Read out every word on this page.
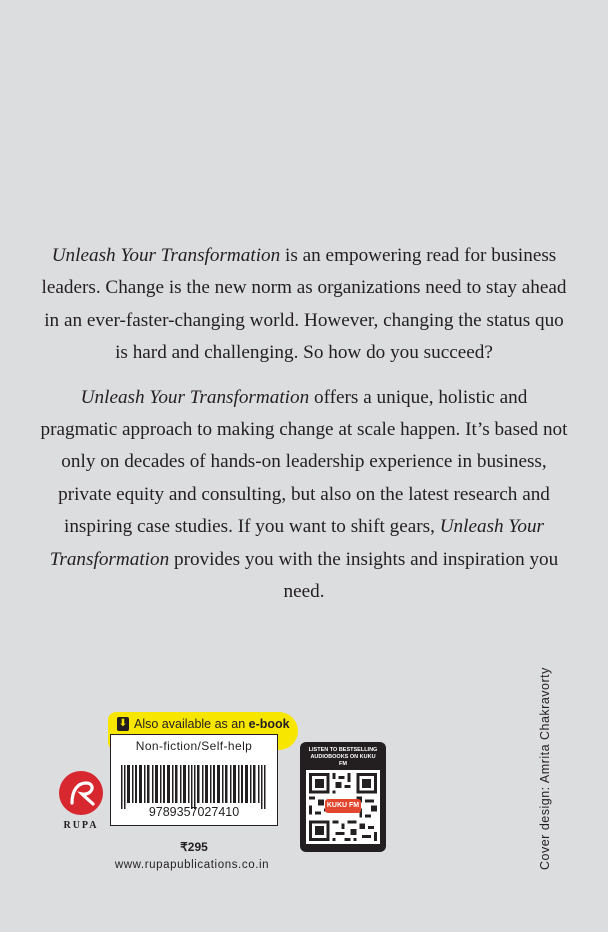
Unleash Your Transformation is an empowering read for business leaders. Change is the new norm as organizations need to stay ahead in an ever-faster-changing world. However, changing the status quo is hard and challenging. So how do you succeed?

Unleash Your Transformation offers a unique, holistic and pragmatic approach to making change at scale happen. It’s based not only on decades of hands-on leadership experience in business, private equity and consulting, but also on the latest research and inspiring case studies. If you want to shift gears, Unleash Your Transformation provides you with the insights and inspiration you need.

⬇ Also available as an e-book
Non-fiction/Self-help
9789357027410
₹295
RUPA
www.rupapublications.co.in
LISTEN TO BESTSELLING AUDIOBOOKS ON KUKU FM
KUKU FM	Cover design: Amrita Chakravorty
